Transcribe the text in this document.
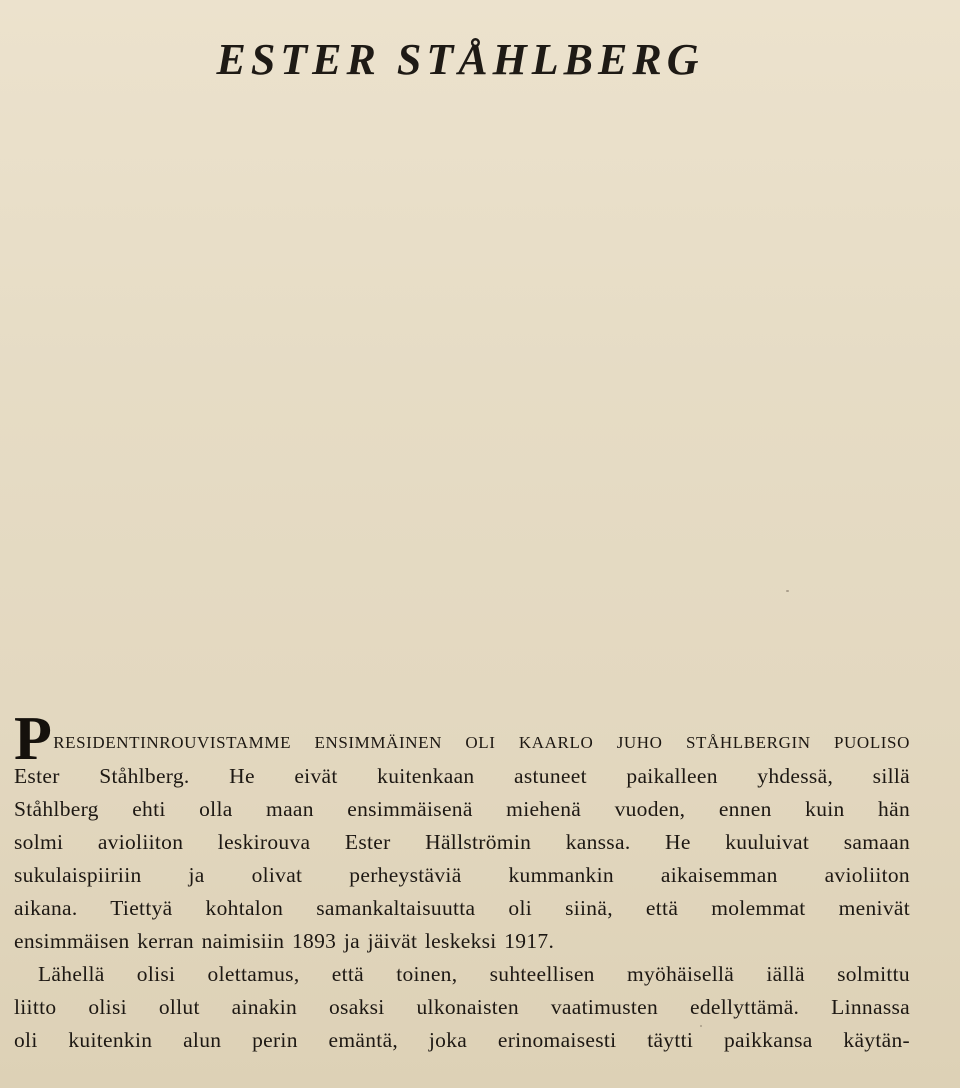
ESTER STÅHLBERG
P RESIDENTINROUVISTAMME ENSIMMÄINEN OLI KAARLO JUHO STÅHLBERGIN PUOLISO
Ester Ståhlberg. He eivät kuitenkaan astuneet paikalleen yhdessä, sillä
Ståhlberg ehti olla maan ensimmäisenä miehenä vuoden, ennen kuin hän
solmi avioliiton leskirouva Ester Hällströmin kanssa. He kuuluivat samaan
sukulaispiiriin ja olivat perheystäviä kummankin aikaisemman avioliiton
aikana. Tiettyä kohtalon samankaltaisuutta oli siinä, että molemmat menivät
ensimmäisen kerran naimisiin 1893 ja jäivät leskeksi 1917.
Lähellä olisi olettamus, että toinen, suhteellisen myöhäisellä iällä solmittu
liitto olisi ollut ainakin osaksi ulkonaisten vaatimusten edellyttämä. Linnassa
oli kuitenkin alun perin emäntä, joka erinomaisesti täytti paikkansa käytän-
